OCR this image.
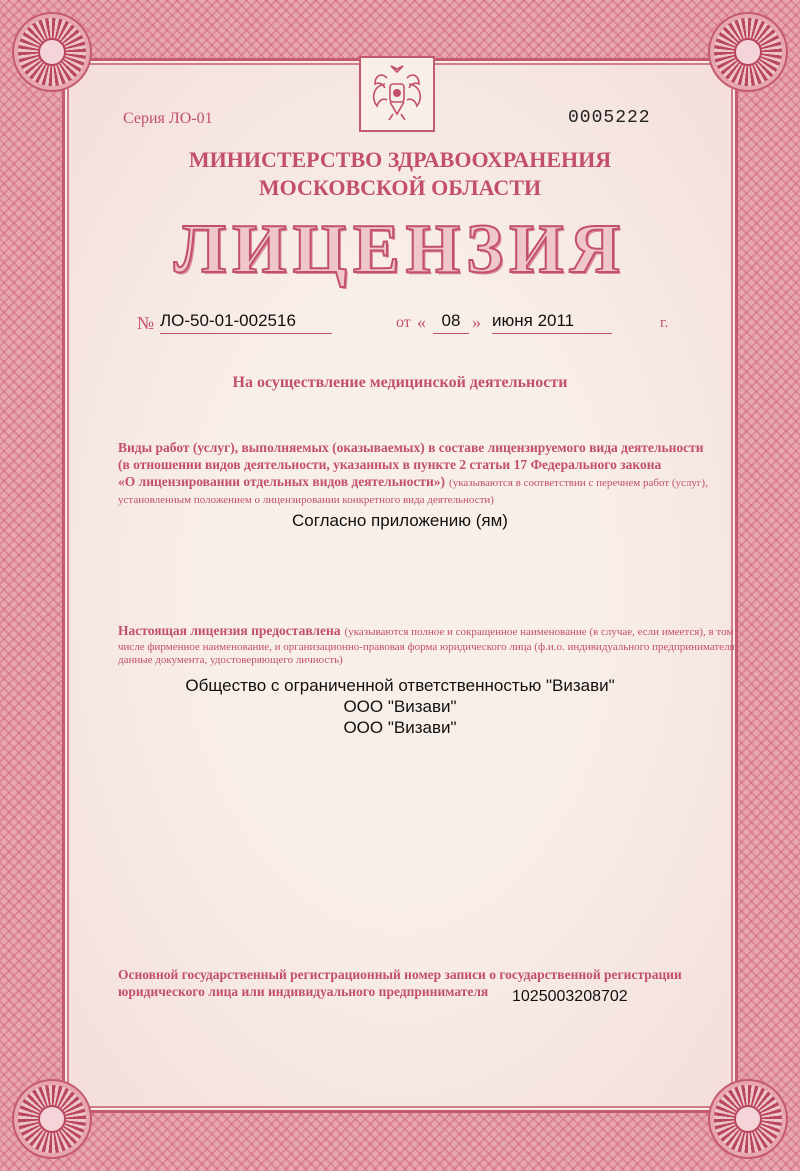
Серия ЛО-01	0005222
МИНИСТЕРСТВО ЗДРАВООХРАНЕНИЯ
МОСКОВСКОЙ ОБЛАСТИ
ЛИЦЕНЗИЯ
№ ЛО-50-01-002516	от « 08 » июня 2011	г.
На осуществление медицинской деятельности
Виды работ (услуг), выполняемых (оказываемых) в составе лицензируемого вида деятельности
(в отношении видов деятельности, указанных в пункте 2 статьи 17 Федерального закона
«О лицензировании отдельных видов деятельности») (указываются в соответствии с перечнем работ (услуг),
установленным положением о лицензировании конкретного вида деятельности)
Согласно приложению (ям)
Настоящая лицензия предоставлена (указываются полное и сокращенное наименование (в случае, если имеется), в том
числе фирменное наименование, и организационно-правовая форма юридического лица (ф.и.о. индивидуального предпринимателя,
данные документа, удостоверяющего личность)
Общество с ограниченной ответственностью "Визави"
ООО "Визави"
ООО "Визави"
Основной государственный регистрационный номер записи о государственной регистрации
юридического лица или индивидуального предпринимателя	1025003208702
